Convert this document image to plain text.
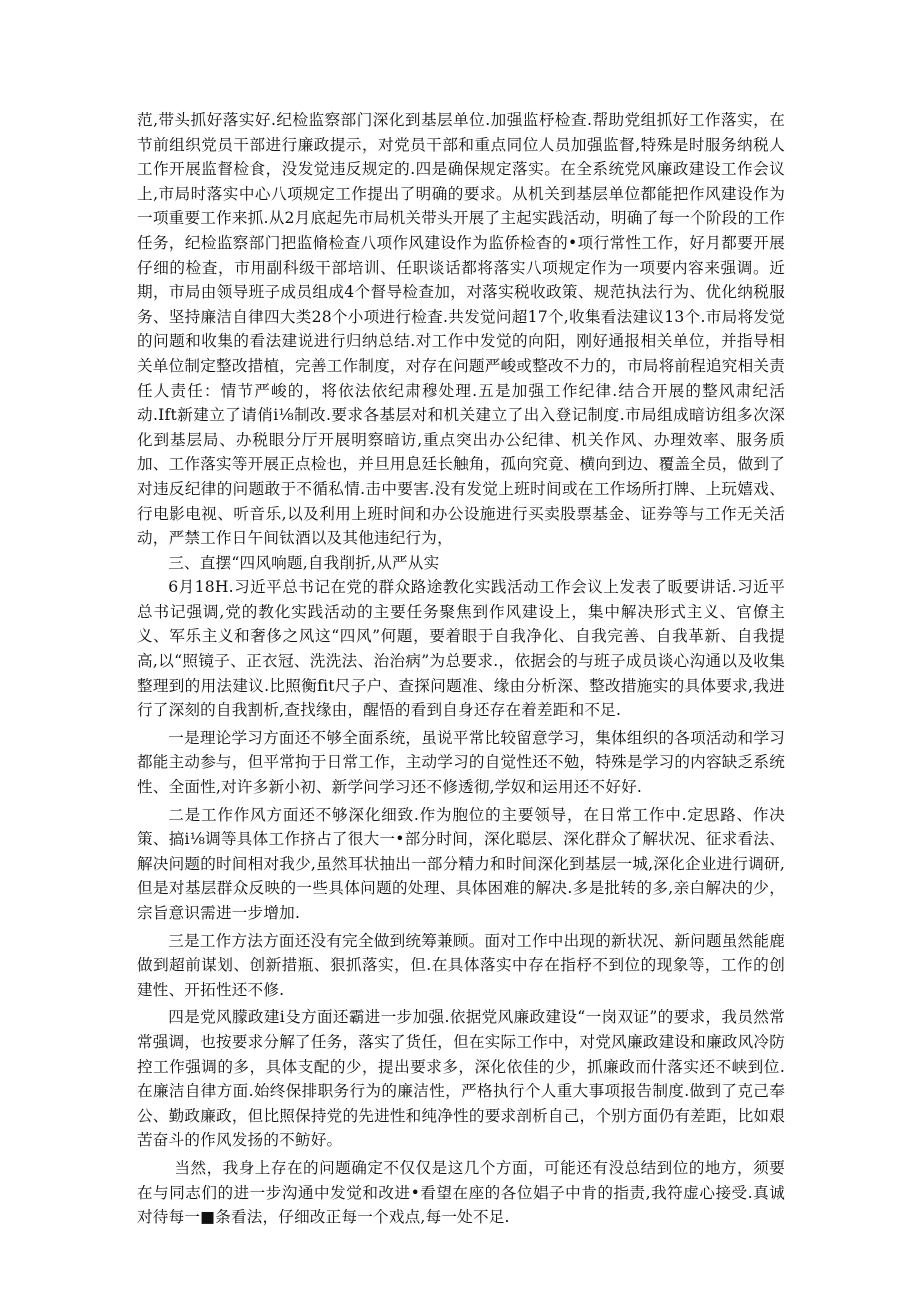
范,带头抓好落实好.纪检监察部门深化到基层单位.加强监杼检查.帮助党组抓好工作落实，在节前组织党员干部进行廉政提示，对党员干部和重点同位人员加强监督,特殊是时服务纳税人工作开展监督检食，没发觉违反规定的.四是确保规定落实。在全系统党风廉政建设工作会议上,市局时落实中心八项规定工作提出了明确的要求。从机关到基层单位都能把作风建设作为一项重要工作来抓.从2月底起先市局机关带头开展了主起实践活动，明确了每一个阶段的工作任务，纪检监察部门把监脩检查八项作风建设作为监侨检杳的•项行常性工作，好月都要开展仔细的检査，市用副科级干部培训、任职谈话都将落实八项规定作为一项要内容来强调。近期，市局由领导班子成员组成4个督导检查加，对落实税收政策、规范执法行为、优化纳税服务、坚持廉洁自律四大类28个小项进行检査.共发觉问超17个,收集看法建议13个.市局将发觉的问题和收集的看法建说进行归纳总结.对工作中发觉的向阳，刚好通报相关单位，并指导相关单位制定整改措植，完善工作制度，对存在问题严峻或整改不力的，市局将前程追究相关责任人责任：情节严峻的，将依法依纪肃穆处理.五是加强工作纪律.结合开展的整风肃纪活动.Ift新建立了请俏i⅛制改.要求各基层对和机关建立了出入登记制度.市局组成暗访组多次深化到基层局、办税眼分厅开展明察暗访,重点突出办公纪律、机关作风、办理效率、服务质加、工作落实等开展正点检也，并旦用息廷长触角，孤向究竟、横向到边、覆盖全员，做到了对违反纪律的问题敢于不循私情.击中要害.没有发觉上班时间或在工作场所打牌、上玩嬉戏、行电影电视、听音乐,以及利用上班时间和办公设施进行买卖股票基金、证券等与工作无关活动，严禁工作日午间钛酒以及其他违纪行为，

三、直摆“四风响题,自我削折,从严从实

6月18H.习近平总书记在党的群众路途教化实践活动工作会议上发表了昄要讲话.习近平总书记强调,党的教化实践活动的主要任务聚焦到作风建设上，集中解决形式主义、官僚主义、军乐主义和奢侈之风这“四风”何題，要着眼于自我净化、自我完善、自我革新、自我提高,以“照镜子、正衣冠、洗洗法、治治病”为总要求.，依据会的与班子成员谈心沟通以及收集整理到的用法建议.比照衡fit尺子户、查探问题准、缘由分析深、整改措施实的具体要求,我进行了深刻的自我割析,查找缘由，醒悟的看到自身还存在着差距和不足.

一是理论学习方面还不够全面系统，虽说平常比较留意学习，集体组织的各项活动和学习都能主动参与，但平常拘于日常工作，主动学习的自觉性还不勉，特殊是学习的内容缺乏系统性、全面性,对许多新小初、新学问学习还不修透彻,学奴和运用还不好好.

二是工作作风方面还不够深化细致.作为胞位的主要领导，在日常工作中.定思路、作决策、搞i⅛调等具体工作挤占了很大一•部分时间，深化聪层、深化群众了解状况、征求看法、解决问题的时间相对我少,虽然耳状抽出一部分精力和时间深化到基层一城,深化企业进行调研,但是对基层群众反映的一些具体问题的处理、具体困难的解决.多是批转的多,亲白解决的少，宗旨意识需进一步增加.

三是工作方法方面还没有完全做到统筹兼顾。面对工作中出现的新状况、新问题虽然能鹿做到超前谋划、创新措瓶、狠抓落实，但.在具体落实中存在指杼不到位的现象等，工作的创建性、开拓性还不修.

四是党风朦政建i殳方面还霸进一步加强.依据党风廉政建设“一岗双证”的要求，我员然常常强调，也按要求分解了任务，落实了货任，但在实际工作中，对党风廉政建设和廉政风冷防控工作强调的多，具体支配的少，提出要求多，深化依佳的少，抓廉政而什落实还不峡到位.在廉洁自律方面.始终保排职务行为的廉洁性，严格执行个人重大事项报告制度.做到了克己奉公、勤政廉政，但比照保持党的先进性和纯净性的要求剖析自己，个别方面仍有差距，比如艰苦奋斗的作风发扬的不鲂好。

当然，我身上存在的问题确定不仅仅是这几个方面，可能还有没总结到位的地方，须要在与同志们的进一步沟通中发觉和改进•看望在座的各位娼子中肯的指责,我符虚心接受.真诚对待每一■条看法，仔细改正每一个戏点,每一处不足.
